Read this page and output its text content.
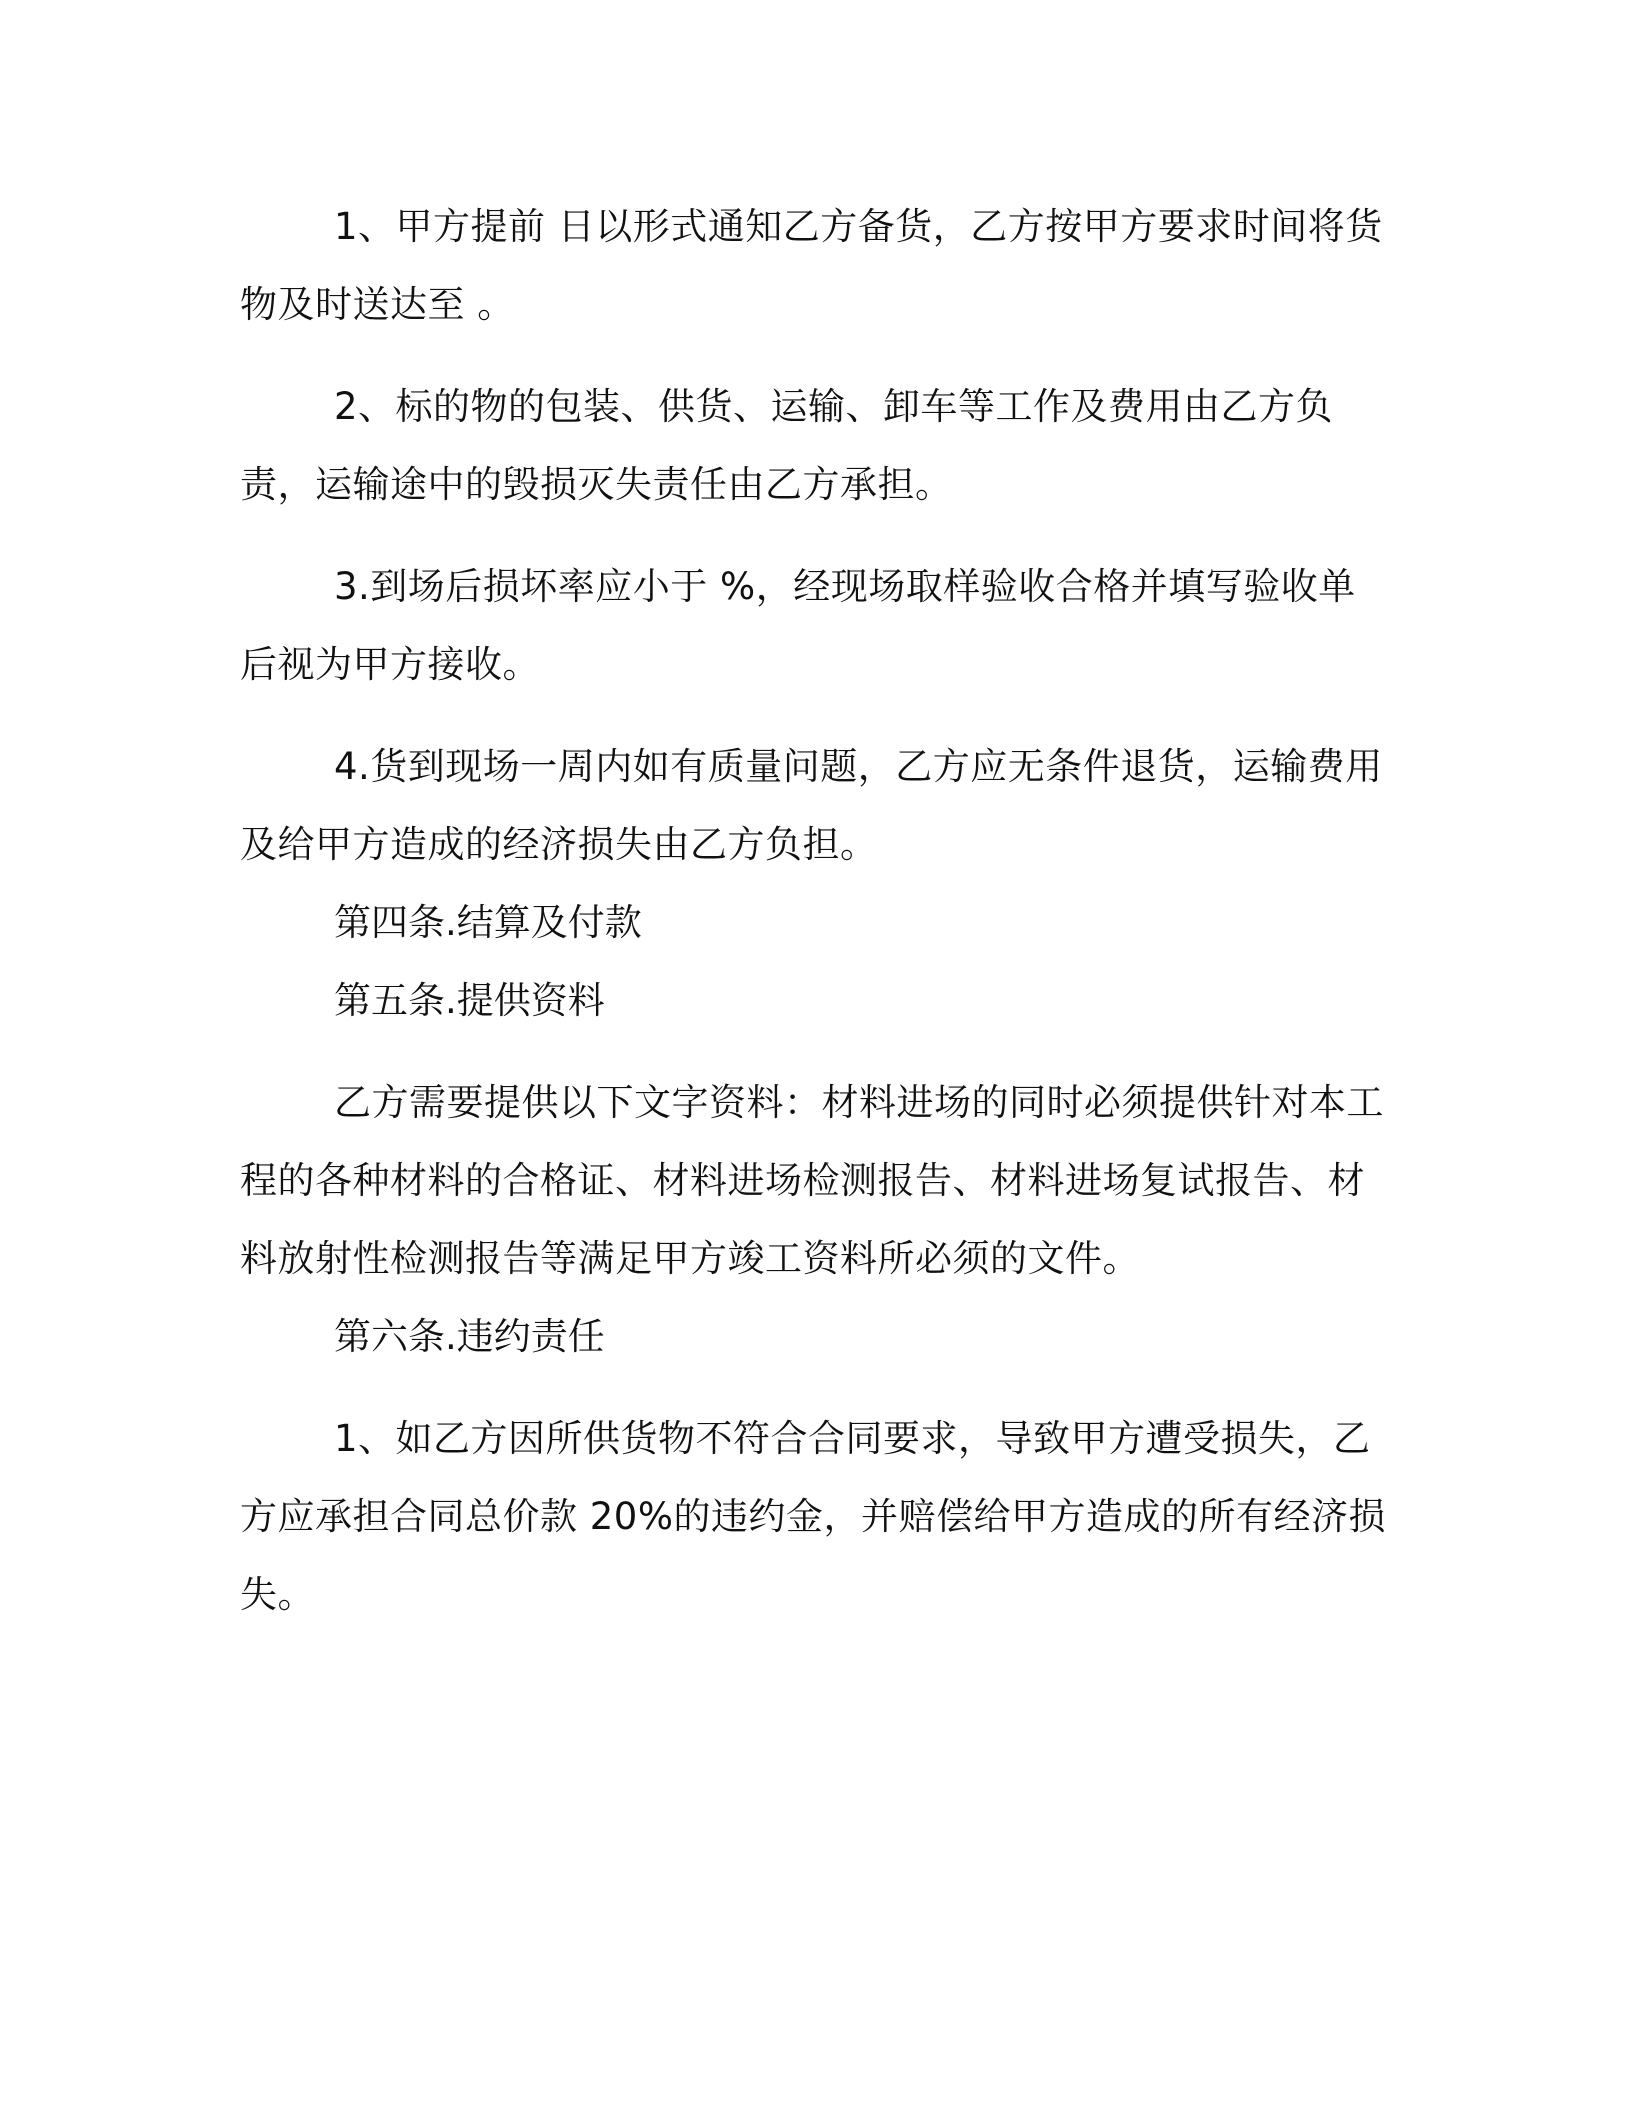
1、甲方提前 日以形式通知乙方备货，乙方按甲方要求时间将货物及时送达至 。

2、标的物的包装、供货、运输、卸车等工作及费用由乙方负责，运输途中的毁损灭失责任由乙方承担。

3.到场后损坏率应小于 %，经现场取样验收合格并填写验收单后视为甲方接收。

4.货到现场一周内如有质量问题，乙方应无条件退货，运输费用及给甲方造成的经济损失由乙方负担。

第四条.结算及付款

第五条.提供资料

乙方需要提供以下文字资料：材料进场的同时必须提供针对本工程的各种材料的合格证、材料进场检测报告、材料进场复试报告、材料放射性检测报告等满足甲方竣工资料所必须的文件。

第六条.违约责任

1、如乙方因所供货物不符合合同要求，导致甲方遭受损失，乙方应承担合同总价款 20%的违约金，并赔偿给甲方造成的所有经济损失。
